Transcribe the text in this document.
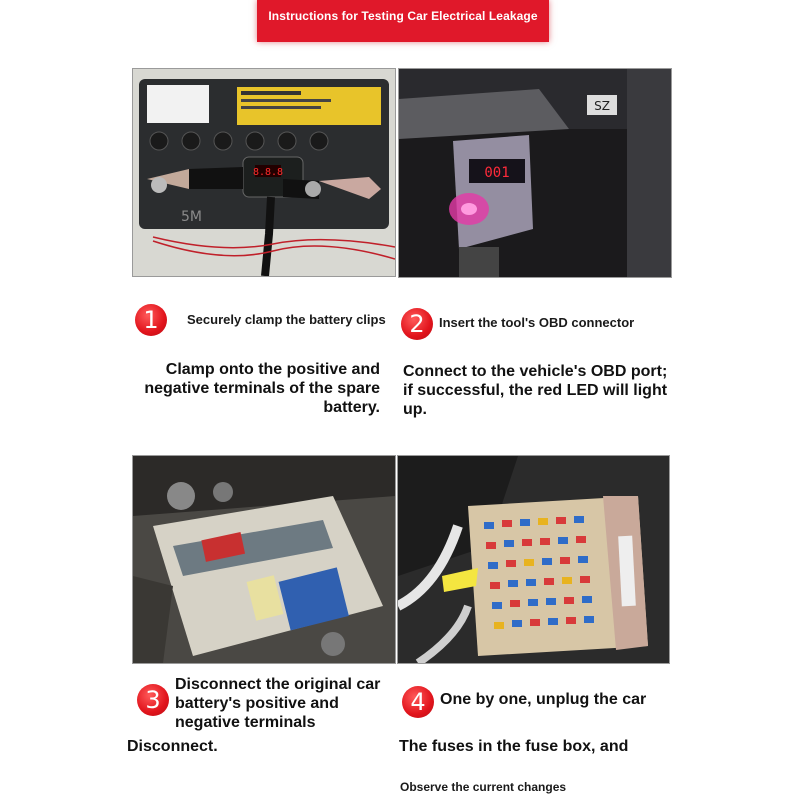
Instructions for Testing Car Electrical Leakage
8.8.8
5M
SZ
001
1	Securely clamp the battery clips
Clamp onto the positive and
negative terminals of the spare
battery.
2	Insert the tool's OBD connector
Connect to the vehicle's OBD port;
if successful, the red LED will light
up.
3
Disconnect the original car
battery's positive and
negative terminals
Disconnect.
4 One by one, unplug the car
The fuses in the fuse box, and
Observe the current changes
